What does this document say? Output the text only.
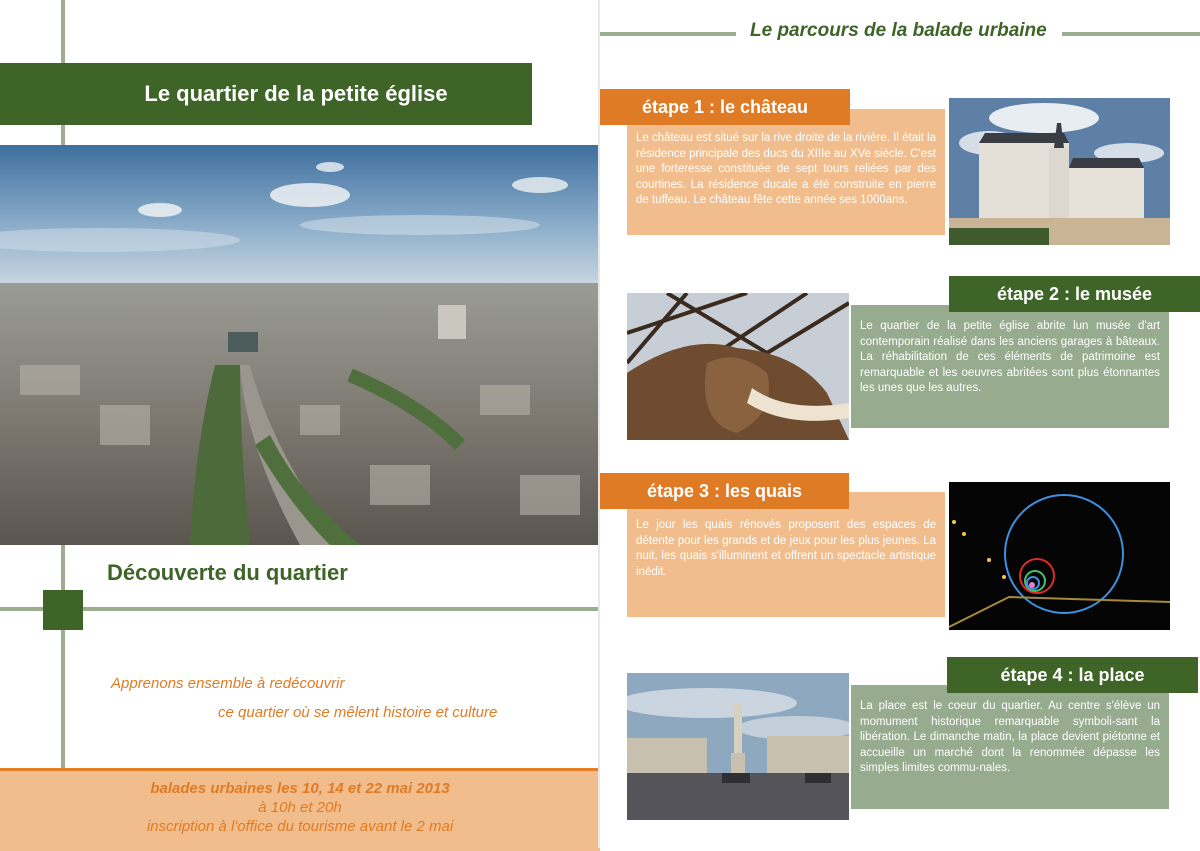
Le quartier de la petite église
Découverte du quartier
Apprenons ensemble à redécouvrir
ce quartier où se mêlent histoire et culture
balades urbaines les 10, 14 et 22 mai 2013
à 10h et 20h
inscription à l'office du tourisme avant le 2 mai
Le parcours de la balade urbaine
Le château est situé sur la rive droite de la rivière. Il était la résidence principale des ducs du XIIIe au XVe siècle. C'est une forteresse constituée de sept tours reliées par des courtines. La résidence ducale a été construite en pierre de tuffeau. Le château fête cette année ses 1000ans.
étape 1 : le château
Le quartier de la petite église abrite lun musée d'art contemporain réalisé dans les anciens garages à bâteaux. La réhabilitation de ces éléments de patrimoine est remarquable et les oeuvres abritées sont plus étonnantes les unes que les autres.
étape 2 : le musée
Le jour les quais rénovés proposent des espaces de détente pour les grands et de jeux pour les plus jeunes. La nuit, les quais s'illuminent et offrent un spectacle artistique inédit.
étape 3 : les quais
La place est le coeur du quartier. Au centre s'élève un momument historique remarquable symboli-sant la libération. Le dimanche matin, la place devient piétonne et accueille un marché dont la renommée dépasse les simples limites commu-nales.
étape 4 : la place
